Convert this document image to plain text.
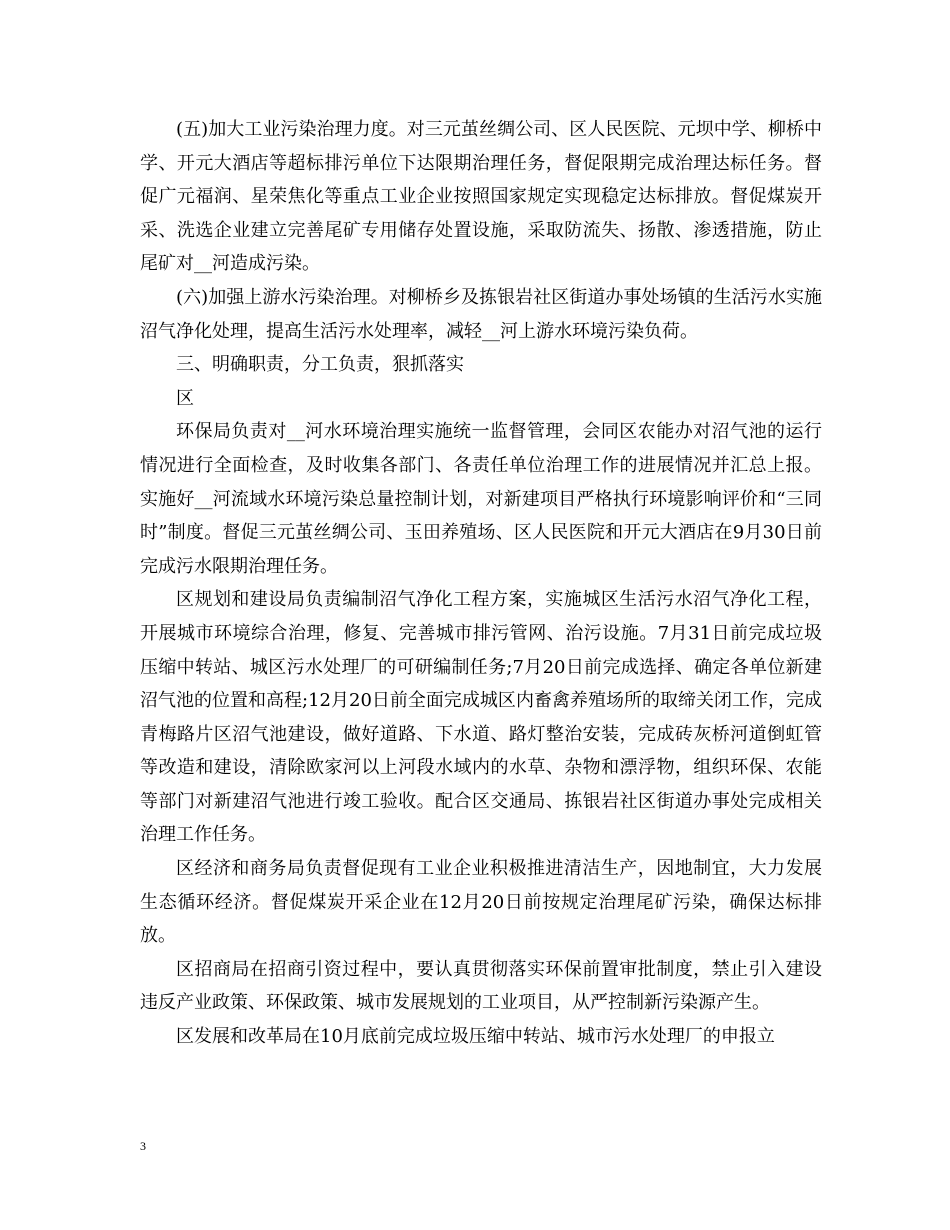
(五)加大工业污染治理力度。对三元茧丝绸公司、区人民医院、元坝中学、柳桥中学、开元大酒店等超标排污单位下达限期治理任务，督促限期完成治理达标任务。督促广元福润、星荣焦化等重点工业企业按照国家规定实现稳定达标排放。督促煤炭开采、洗选企业建立完善尾矿专用储存处置设施，采取防流失、扬散、渗透措施，防止尾矿对__河造成污染。

(六)加强上游水污染治理。对柳桥乡及拣银岩社区街道办事处场镇的生活污水实施沼气净化处理，提高生活污水处理率，减轻__河上游水环境污染负荷。

三、明确职责，分工负责，狠抓落实

区

环保局负责对__河水环境治理实施统一监督管理，会同区农能办对沼气池的运行情况进行全面检查，及时收集各部门、各责任单位治理工作的进展情况并汇总上报。实施好__河流域水环境污染总量控制计划，对新建项目严格执行环境影响评价和“三同时”制度。督促三元茧丝绸公司、玉田养殖场、区人民医院和开元大酒店在9月30日前完成污水限期治理任务。

区规划和建设局负责编制沼气净化工程方案，实施城区生活污水沼气净化工程，开展城市环境综合治理，修复、完善城市排污管网、治污设施。7月31日前完成垃圾压缩中转站、城区污水处理厂的可研编制任务;7月20日前完成选择、确定各单位新建沼气池的位置和高程;12月20日前全面完成城区内畜禽养殖场所的取缔关闭工作，完成青梅路片区沼气池建设，做好道路、下水道、路灯整治安装，完成砖灰桥河道倒虹管等改造和建设，清除欧家河以上河段水域内的水草、杂物和漂浮物，组织环保、农能等部门对新建沼气池进行竣工验收。配合区交通局、拣银岩社区街道办事处完成相关治理工作任务。

区经济和商务局负责督促现有工业企业积极推进清洁生产，因地制宜，大力发展生态循环经济。督促煤炭开采企业在12月20日前按规定治理尾矿污染，确保达标排放。

区招商局在招商引资过程中，要认真贯彻落实环保前置审批制度，禁止引入建设违反产业政策、环保政策、城市发展规划的工业项目，从严控制新污染源产生。

区发展和改革局在10月底前完成垃圾压缩中转站、城市污水处理厂的申报立

3
